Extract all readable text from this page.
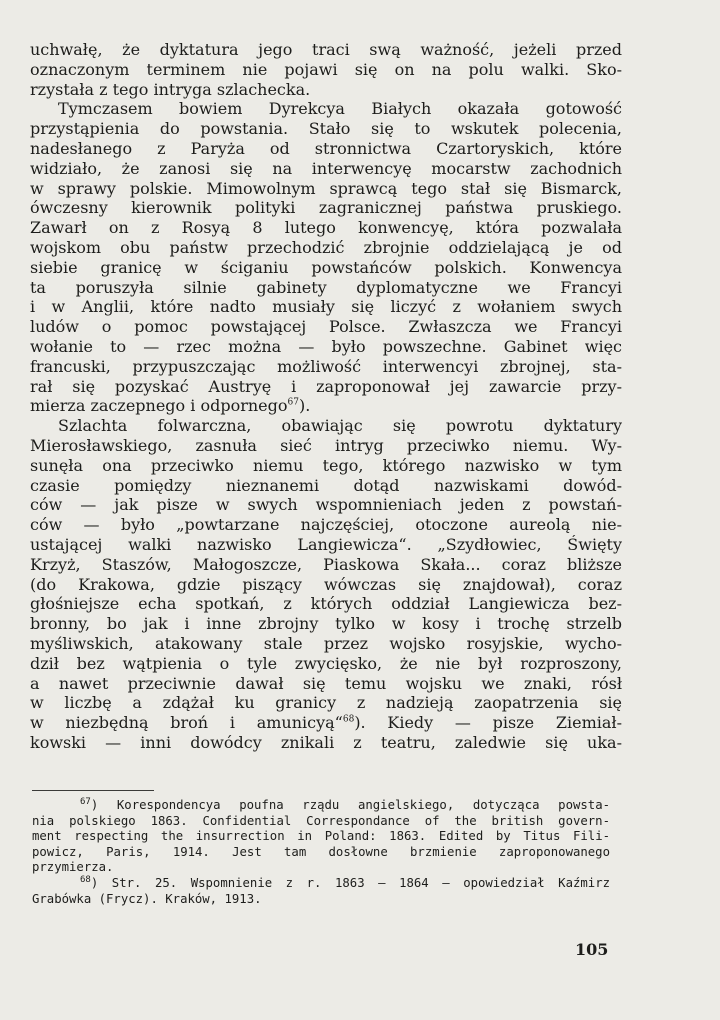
uchwałę, że dyktatura jego traci swą ważność, jeżeli przed

oznaczonym terminem nie pojawi się on na polu walki. Sko-

rzystała z tego intryga szlachecka.

Tymczasem bowiem Dyrekcya Białych okazała gotowość

przystąpienia do powstania. Stało się to wskutek polecenia,

nadesłanego z Paryża od stronnictwa Czartoryskich, które

widziało, że zanosi się na interwencyę mocarstw zachodnich

w sprawy polskie. Mimowolnym sprawcą tego stał się Bismarck,

ówczesny kierownik polityki zagranicznej państwa pruskiego.

Zawarł on z Rosyą 8 lutego konwencyę, która pozwalała

wojskom obu państw przechodzić zbrojnie oddzielającą je od

siebie granicę w ściganiu powstańców polskich. Konwencya

ta poruszyła silnie gabinety dyplomatyczne we Francyi

i w Anglii, które nadto musiały się liczyć z wołaniem swych

ludów o pomoc powstającej Polsce. Zwłaszcza we Francyi

wołanie to — rzec można — było powszechne. Gabinet więc

francuski, przypuszczając możliwość interwencyi zbrojnej, sta-

rał się pozyskać Austryę i zaproponował jej zawarcie przy-

mierza zaczepnego i odpornego$^{67}$).

Szlachta folwarczna, obawiając się powrotu dyktatury

Mierosławskiego, zasnuła sieć intryg przeciwko niemu. Wy-

sunęła ona przeciwko niemu tego, którego nazwisko w tym

czasie pomiędzy nieznanemi dotąd nazwiskami dowód-

ców — jak pisze w swych wspomnieniach jeden z powstań-

ców — było „powtarzane najczęściej, otoczone aureolą nie-

ustającej walki nazwisko Langiewicza“. „Szydłowiec, Święty

Krzyż, Staszów, Małogoszcze, Piaskowa Skała... coraz bliższe

(do Krakowa, gdzie piszący wówczas się znajdował), coraz

głośniejsze echa spotkań, z których oddział Langiewicza bez-

bronny, bo jak i inne zbrojny tylko w kosy i trochę strzelb

myśliwskich, atakowany stale przez wojsko rosyjskie, wycho-

dził bez wątpienia o tyle zwycięsko, że nie był rozproszony,

a nawet przeciwnie dawał się temu wojsku we znaki, rósł

w liczbę a zdążał ku granicy z nadzieją zaopatrzenia się

w niezbędną broń i amunicyą“$^{68}$). Kiedy — pisze Ziemiał-

kowski — inni dowódcy znikali z teatru, zaledwie się uka-

$^{67}$) Korespondencya poufna rządu angielskiego, dotycząca powsta-

nia polskiego 1863. Confidential Correspondance of the british govern-

ment respecting the insurrection in Poland: 1863. Edited by Titus Fili-

powicz, Paris, 1914. Jest tam dosłowne brzmienie zaproponowanego

przymierza.

$^{68}$) Str. 25. Wspomnienie z r. 1863 — 1864 — opowiedział Kaźmirz

Grabówka (Frycz). Kraków, 1913.

105
